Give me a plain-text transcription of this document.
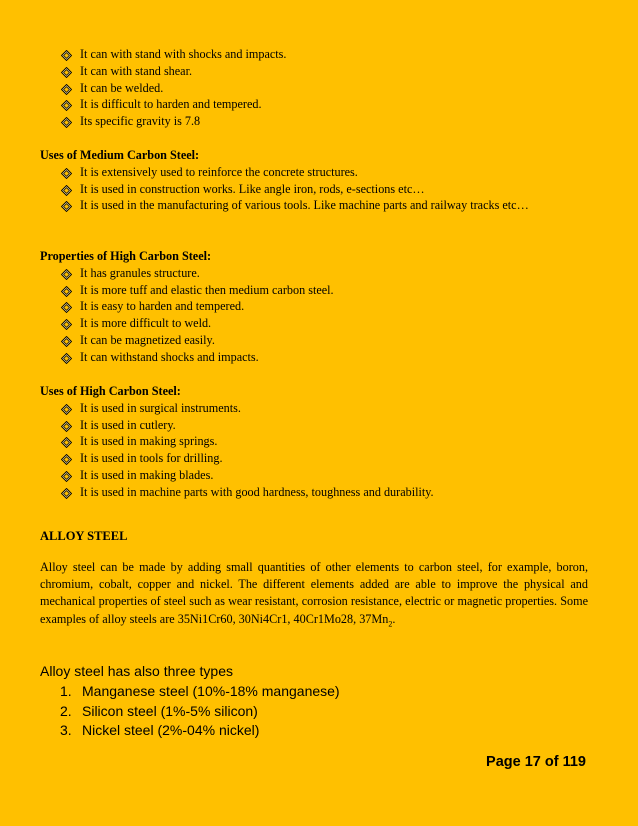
It can with stand with shocks and impacts.
It can with stand shear.
It can be welded.
It is difficult to harden and tempered.
Its specific gravity is 7.8
Uses of Medium Carbon Steel:
It is extensively used to reinforce the concrete structures.
It is used in construction works. Like angle iron, rods, e-sections etc…
It is used in the manufacturing of various tools. Like machine parts and railway tracks etc…
Properties of High Carbon Steel:
It has granules structure.
It is more tuff and elastic then medium carbon steel.
It is easy to harden and tempered.
It is more difficult to weld.
It can be magnetized easily.
It can withstand shocks and impacts.
Uses of High Carbon Steel:
It is used in surgical instruments.
It is used in cutlery.
It is used in making springs.
It is used in tools for drilling.
It is used in making blades.
It is used in machine parts with good hardness, toughness and durability.
ALLOY STEEL
Alloy steel can be made by adding small quantities of other elements to carbon steel, for example, boron, chromium, cobalt, copper and nickel. The different elements added are able to improve the physical and mechanical properties of steel such as wear resistant, corrosion resistance, electric or magnetic properties. Some examples of alloy steels are 35Ni1Cr60, 30Ni4Cr1, 40Cr1Mo28, $37Mn_2$.
Alloy steel has also three types
1. Manganese steel (10%-18% manganese)
2. Silicon steel (1%-5% silicon)
3. Nickel steel (2%-04% nickel)
Page 17 of 119
